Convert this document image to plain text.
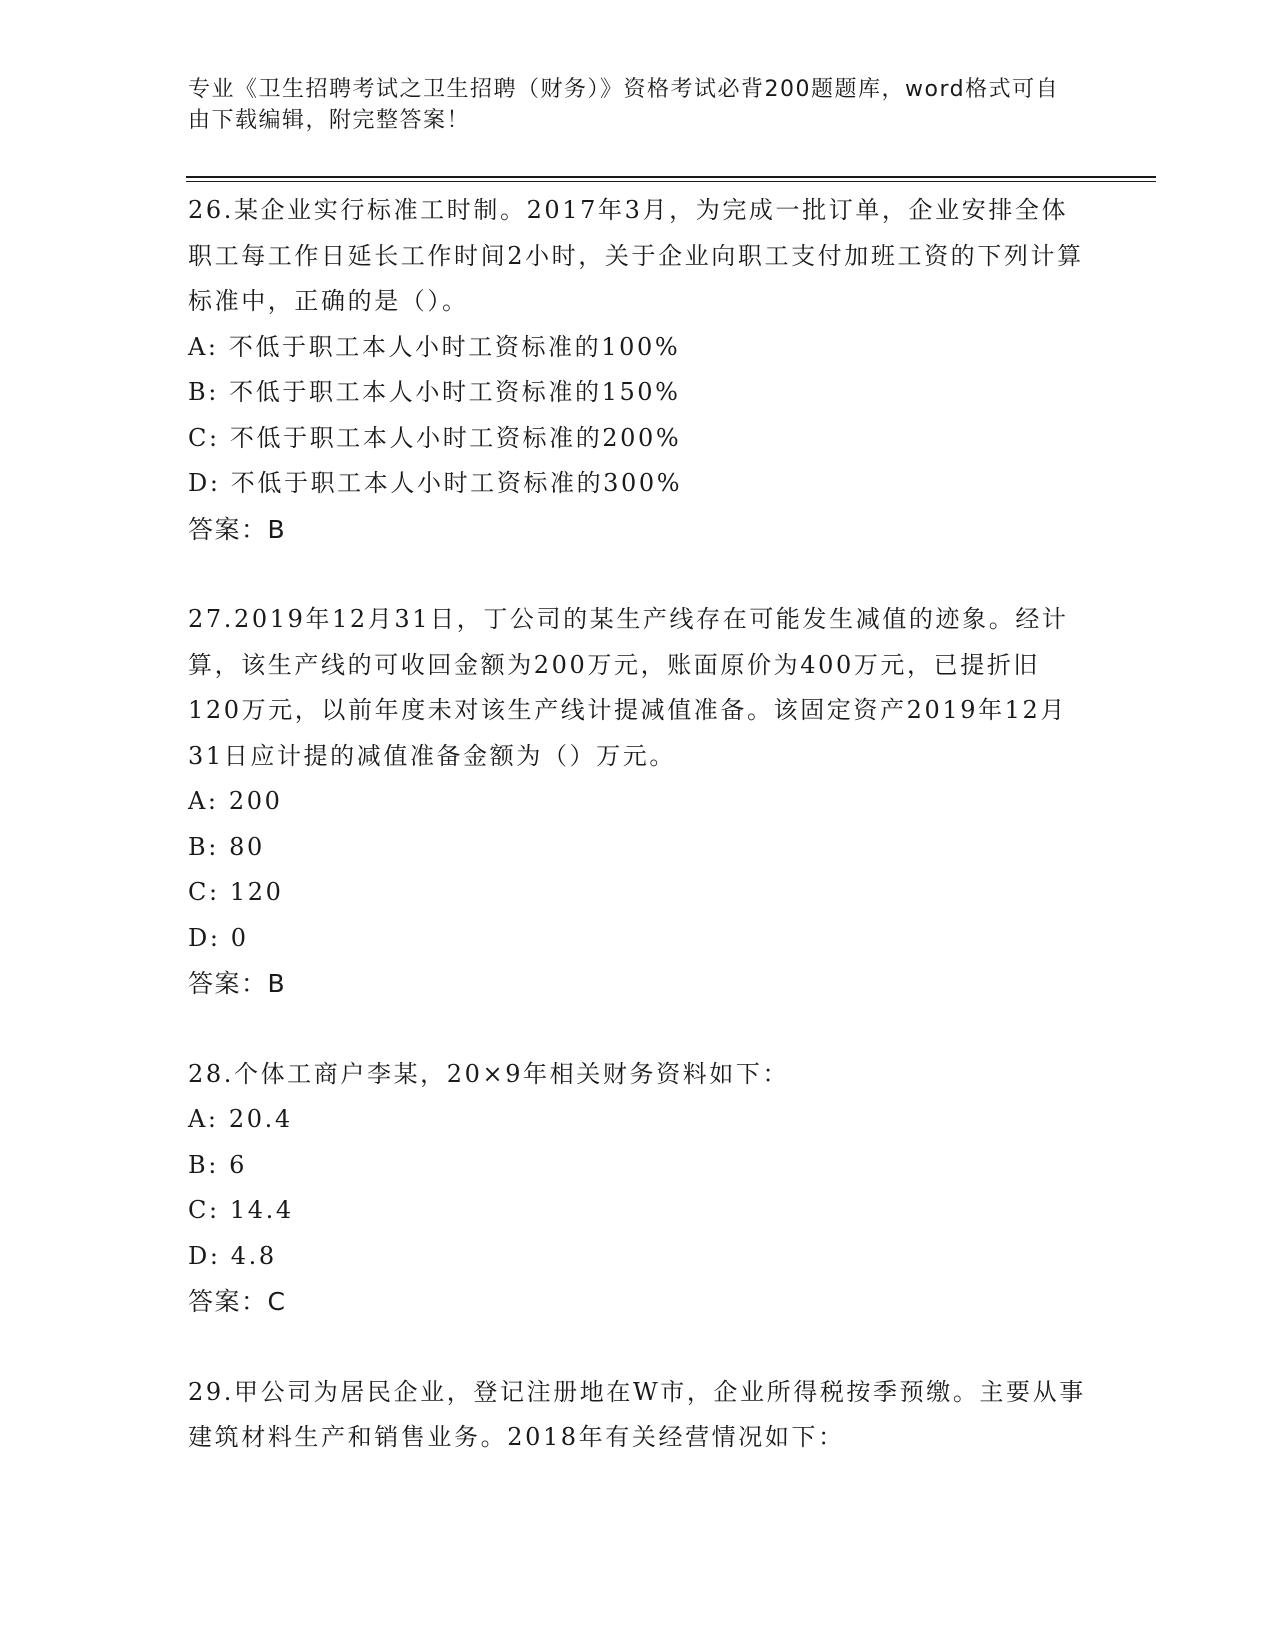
专业《卫生招聘考试之卫生招聘（财务）》资格考试必背200题题库，word格式可自由下载编辑，附完整答案！

26.某企业实行标准工时制。2017年3月，为完成一批订单，企业安排全体职工每工作日延长工作时间2小时，关于企业向职工支付加班工资的下列计算标准中，正确的是（）。

A:
不低于职工本人小时工资标准的100%

B:
不低于职工本人小时工资标准的150%

C:
不低于职工本人小时工资标准的200%

D:
不低于职工本人小时工资标准的300%

答案：B

27.2019年12月31日，丁公司的某生产线存在可能发生减值的迹象。经计算，该生产线的可收回金额为200万元，账面原价为400万元，已提折旧120万元，以前年度未对该生产线计提减值准备。该固定资产2019年12月31日应计提的减值准备金额为（）万元。

A:
200

B:
80

C:
120

D:
0

答案：B

28.个体工商户李某，20×9年相关财务资料如下：

A:
20.4

B:
6

C:
14.4

D:
4.8

答案：C

29.甲公司为居民企业，登记注册地在W市，企业所得税按季预缴。主要从事建筑材料生产和销售业务。2018年有关经营情况如下：
